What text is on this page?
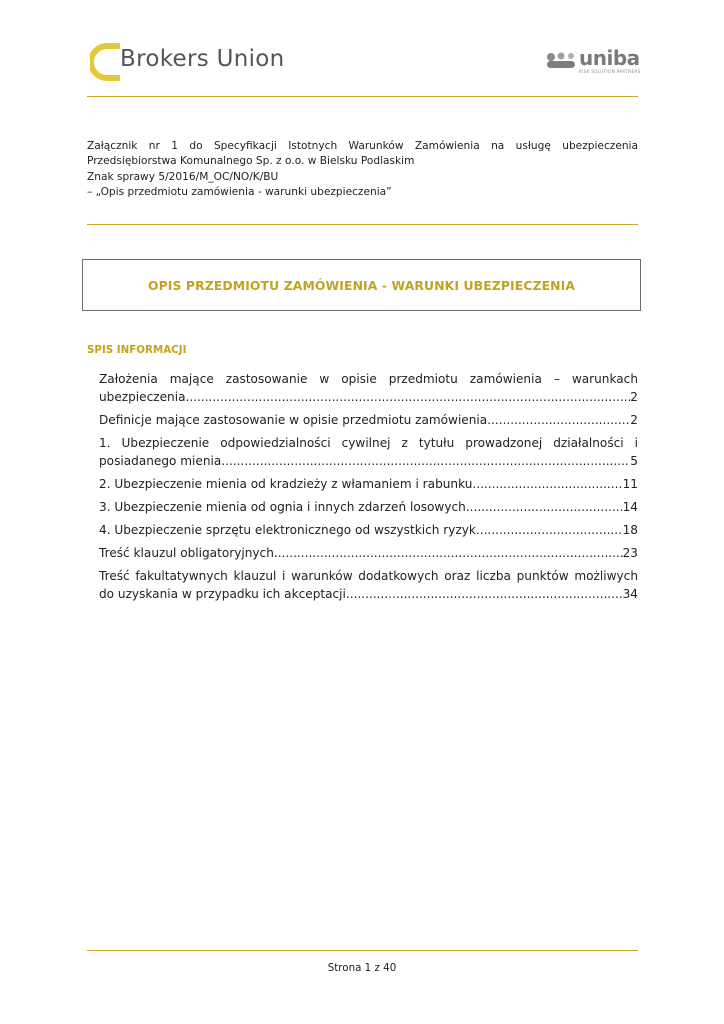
Brokers Union	uniba
RISK SOLUTION PARTNERS
Załącznik nr 1 do Specyfikacji Istotnych Warunków Zamówienia na usługę ubezpieczenia
Przedsiębiorstwa Komunalnego Sp. z o.o. w Bielsku Podlaskim
Znak sprawy 5/2016/M_OC/NO/K/BU
– „Opis przedmiotu zamówienia - warunki ubezpieczenia”
OPIS PRZEDMIOTU ZAMÓWIENIA - WARUNKI UBEZPIECZENIA
SPIS INFORMACJI
Założenia mające zastosowanie w opisie przedmiotu zamówienia – warunkach
ubezpieczenia .....	2
Definicje mające zastosowanie w opisie przedmiotu zamówienia .....	2
1. Ubezpieczenie odpowiedzialności cywilnej z tytułu prowadzonej działalności i
posiadanego mienia .....	5
2. Ubezpieczenie mienia od kradzieży z włamaniem i rabunku .....	11
3. Ubezpieczenie mienia od ognia i innych zdarzeń losowych .....	14
4. Ubezpieczenie sprzętu elektronicznego od wszystkich ryzyk .....	18
Treść klauzul obligatoryjnych .....	23
Treść fakultatywnych klauzul i warunków dodatkowych oraz liczba punktów możliwych
do uzyskania w przypadku ich akceptacji .....	34
Strona 1 z 40
